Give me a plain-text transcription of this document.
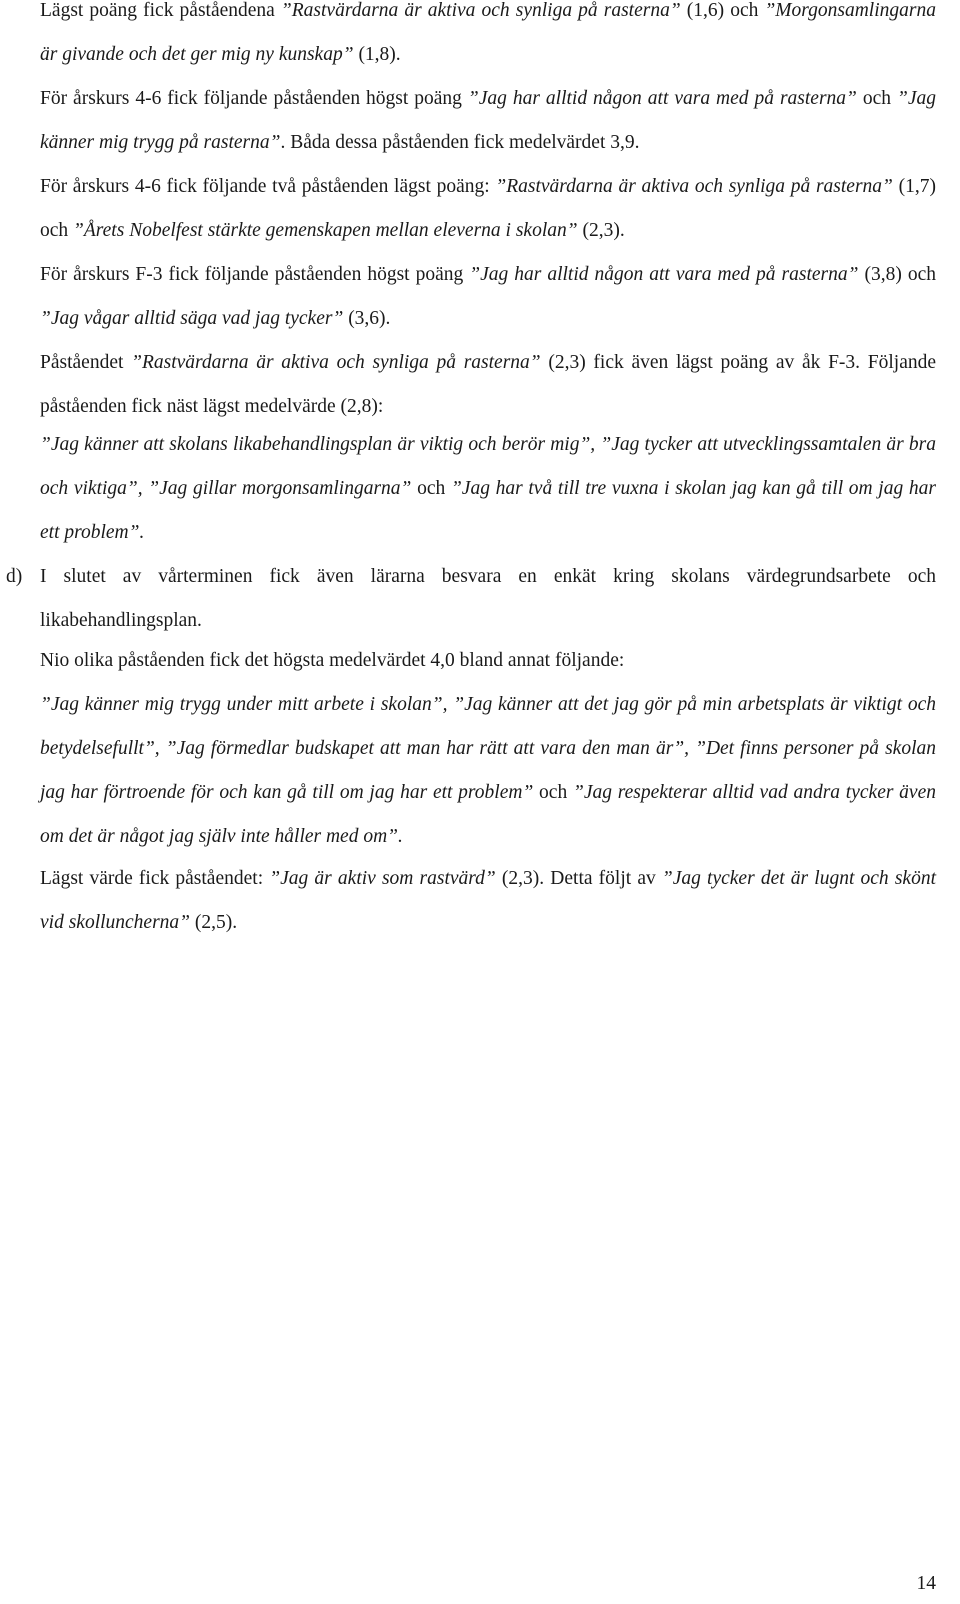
Lägst poäng fick påståendena ”Rastvärdarna är aktiva och synliga på rasterna” (1,6) och ”Morgonsamlingarna är givande och det ger mig ny kunskap” (1,8).

För årskurs 4-6 fick följande påståenden högst poäng ”Jag har alltid någon att vara med på rasterna” och ”Jag känner mig trygg på rasterna”. Båda dessa påståenden fick medelvärdet 3,9.

För årskurs 4-6 fick följande två påståenden lägst poäng: ”Rastvärdarna är aktiva och synliga på rasterna” (1,7) och ”Årets Nobelfest stärkte gemenskapen mellan eleverna i skolan” (2,3).

För årskurs F-3 fick följande påståenden högst poäng ”Jag har alltid någon att vara med på rasterna” (3,8) och ”Jag vågar alltid säga vad jag tycker” (3,6).

Påståendet ”Rastvärdarna är aktiva och synliga på rasterna” (2,3) fick även lägst poäng av åk F-3. Följande påståenden fick näst lägst medelvärde (2,8):

”Jag känner att skolans likabehandlingsplan är viktig och berör mig”, ”Jag tycker att utvecklingssamtalen är bra och viktiga”, ”Jag gillar morgonsamlingarna” och ”Jag har två till tre vuxna i skolan jag kan gå till om jag har ett problem”.

d) I slutet av vårterminen fick även lärarna besvara en enkät kring skolans värdegrundsarbete och likabehandlingsplan.

Nio olika påståenden fick det högsta medelvärdet 4,0 bland annat följande:

”Jag känner mig trygg under mitt arbete i skolan”, ”Jag känner att det jag gör på min arbetsplats är viktigt och betydelsefullt”, ”Jag förmedlar budskapet att man har rätt att vara den man är”, ”Det finns personer på skolan jag har förtroende för och kan gå till om jag har ett problem” och ”Jag respekterar alltid vad andra tycker även om det är något jag själv inte håller med om”.

Lägst värde fick påståendet: ”Jag är aktiv som rastvärd” (2,3). Detta följt av ”Jag tycker det är lugnt och skönt vid skolluncherna” (2,5).

14
